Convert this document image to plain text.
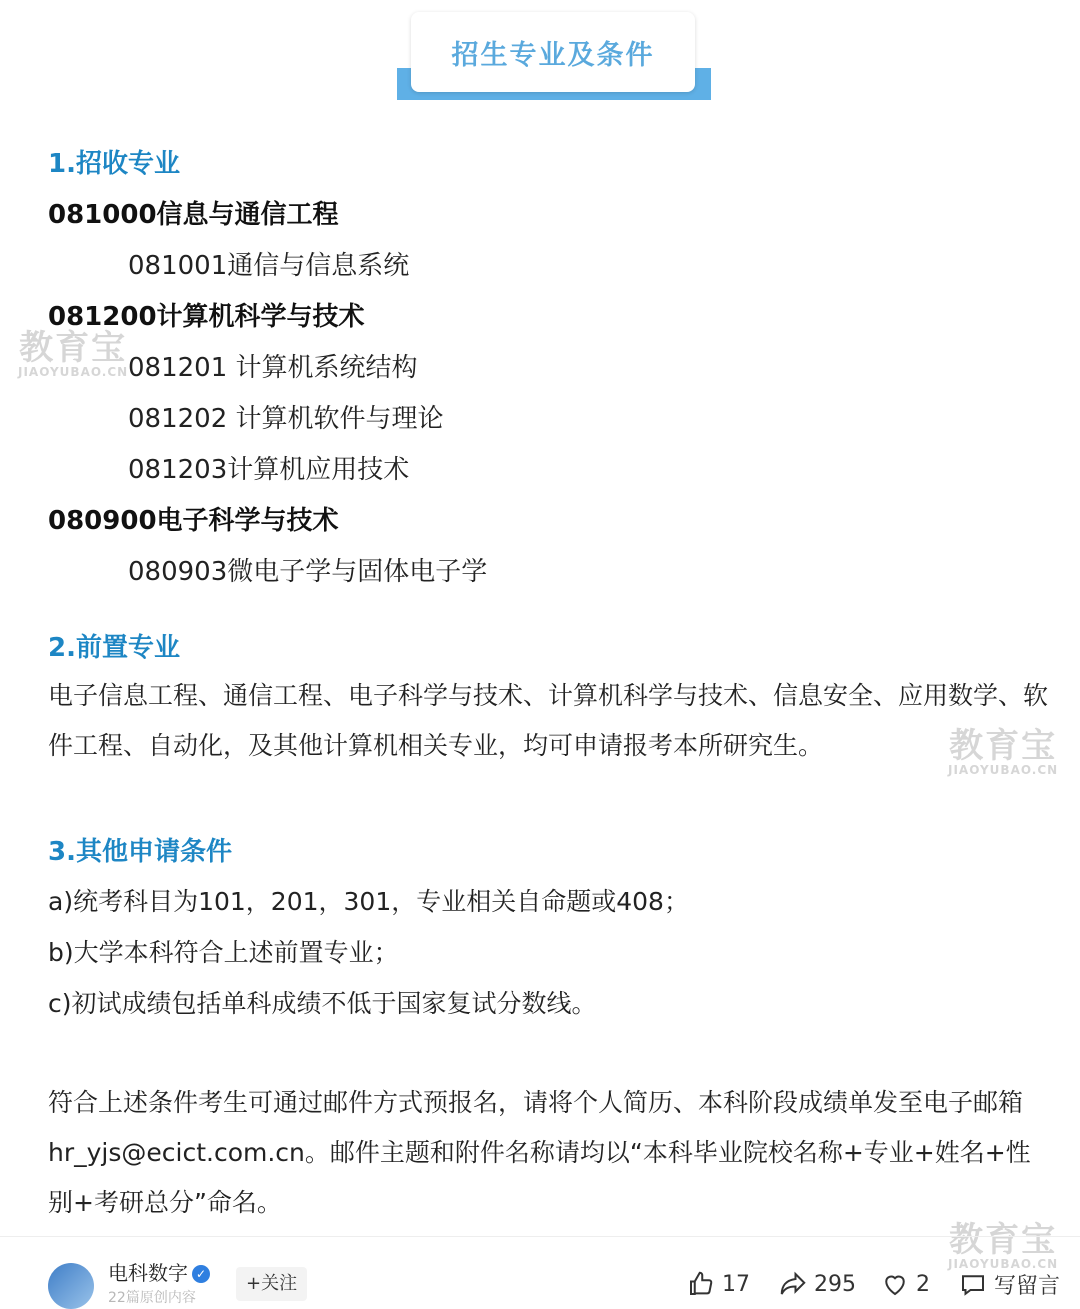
招生专业及条件
1.招收专业
081000信息与通信工程
081001通信与信息系统
081200计算机科学与技术
081201 计算机系统结构
081202 计算机软件与理论
081203计算机应用技术
080900电子科学与技术
080903微电子学与固体电子学
2.前置专业
电子信息工程、通信工程、电子科学与技术、计算机科学与技术、信息安全、应用数学、软件工程、自动化，及其他计算机相关专业，均可申请报考本所研究生。
3.其他申请条件
a)统考科目为101，201，301，专业相关自命题或408；
b)大学本科符合上述前置专业；
c)初试成绩包括单科成绩不低于国家复试分数线。
符合上述条件考生可通过邮件方式预报名，请将个人简历、本科阶段成绩单发至电子邮箱 hr_yjs@ecict.com.cn。邮件主题和附件名称请均以“本科毕业院校名称+专业+姓名+性别+考研总分”命名。
教育宝
JIAOYUBAO.CN
教育宝
JIAOYUBAO.CN
教育宝
JIAOYUBAO.CN
电科数字 ✓
22篇原创内容
+关注	17	295	2	写留言
